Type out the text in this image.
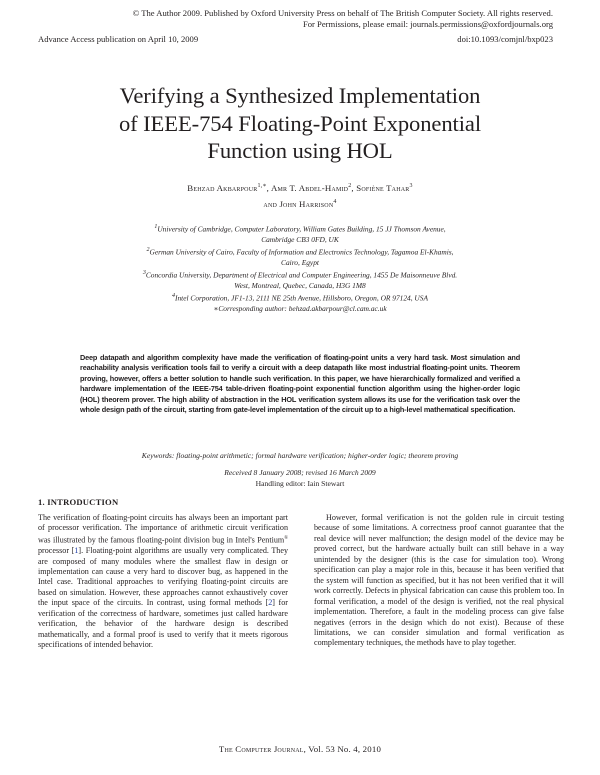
© The Author 2009. Published by Oxford University Press on behalf of The British Computer Society. All rights reserved.
For Permissions, please email: journals.permissions@oxfordjournals.org
Advance Access publication on April 10, 2009	doi:10.1093/comjnl/bxp023
Verifying a Synthesized Implementation
of IEEE-754 Floating-Point Exponential
Function using HOL
Behzad Akbarpour$^{1,∗}$, Amr T. Abdel-Hamid$^2$, Sofiène Tahar$^3$
and John Harrison$^4$
$^1$University of Cambridge, Computer Laboratory, William Gates Building, 15 JJ Thomson Avenue,
Cambridge CB3 0FD, UK
$^2$German University of Cairo, Faculty of Information and Electronics Technology, Tagamoa El-Khamis,
Cairo, Egypt
$^3$Concordia University, Department of Electrical and Computer Engineering, 1455 De Maisonneuve Blvd.
West, Montreal, Quebec, Canada, H3G 1M8
$^4$Intel Corporation, JF1-13, 2111 NE 25th Avenue, Hillsboro, Oregon, OR 97124, USA
∗Corresponding author: behzad.akbarpour@cl.cam.ac.uk
Deep datapath and algorithm complexity have made the verification of floating-point units a very hard task. Most simulation and reachability analysis verification tools fail to verify a circuit with a deep datapath like most industrial floating-point units. Theorem proving, however, offers a better solution to handle such verification. In this paper, we have hierarchically formalized and verified a hardware implementation of the IEEE-754 table-driven floating-point exponential function algorithm using the higher-order logic (HOL) theorem prover. The high ability of abstraction in the HOL verification system allows its use for the verification task over the whole design path of the circuit, starting from gate-level implementation of the circuit up to a high-level mathematical specification.
Keywords: floating-point arithmetic; formal hardware verification; higher-order logic; theorem proving
Received 8 January 2008; revised 16 March 2009
Handling editor: Iain Stewart
1. INTRODUCTION

The verification of floating-point circuits has always been an important part of processor verification. The importance of arithmetic circuit verification was illustrated by the famous floating-point division bug in Intel's Pentium® processor [1]. Floating-point algorithms are usually very complicated. They are composed of many modules where the smallest flaw in design or implementation can cause a very hard to discover bug, as happened in the Intel case. Traditional approaches to verifying floating-point circuits are based on simulation. However, these approaches cannot exhaustively cover the input space of the circuits. In contrast, using formal methods [2] for verification of the correctness of hardware, sometimes just called hardware verification, the behavior of the hardware design is described mathematically, and a formal proof is used to verify that it meets rigorous specifications of intended behavior.

However, formal verification is not the golden rule in circuit testing because of some limitations. A correctness proof cannot guarantee that the real device will never malfunction; the design model of the device may be proved correct, but the hardware actually built can still behave in a way unintended by the designer (this is the case for simulation too). Wrong specification can play a major role in this, because it has been verified that the system will function as specified, but it has not been verified that it will work correctly. Defects in physical fabrication can cause this problem too. In formal verification, a model of the design is verified, not the real physical implementation. Therefore, a fault in the modeling process can give false negatives (errors in the design which do not exist). Because of these limitations, we can consider simulation and formal verification as complementary techniques, the methods have to play together.

The Computer Journal, Vol. 53 No. 4, 2010
